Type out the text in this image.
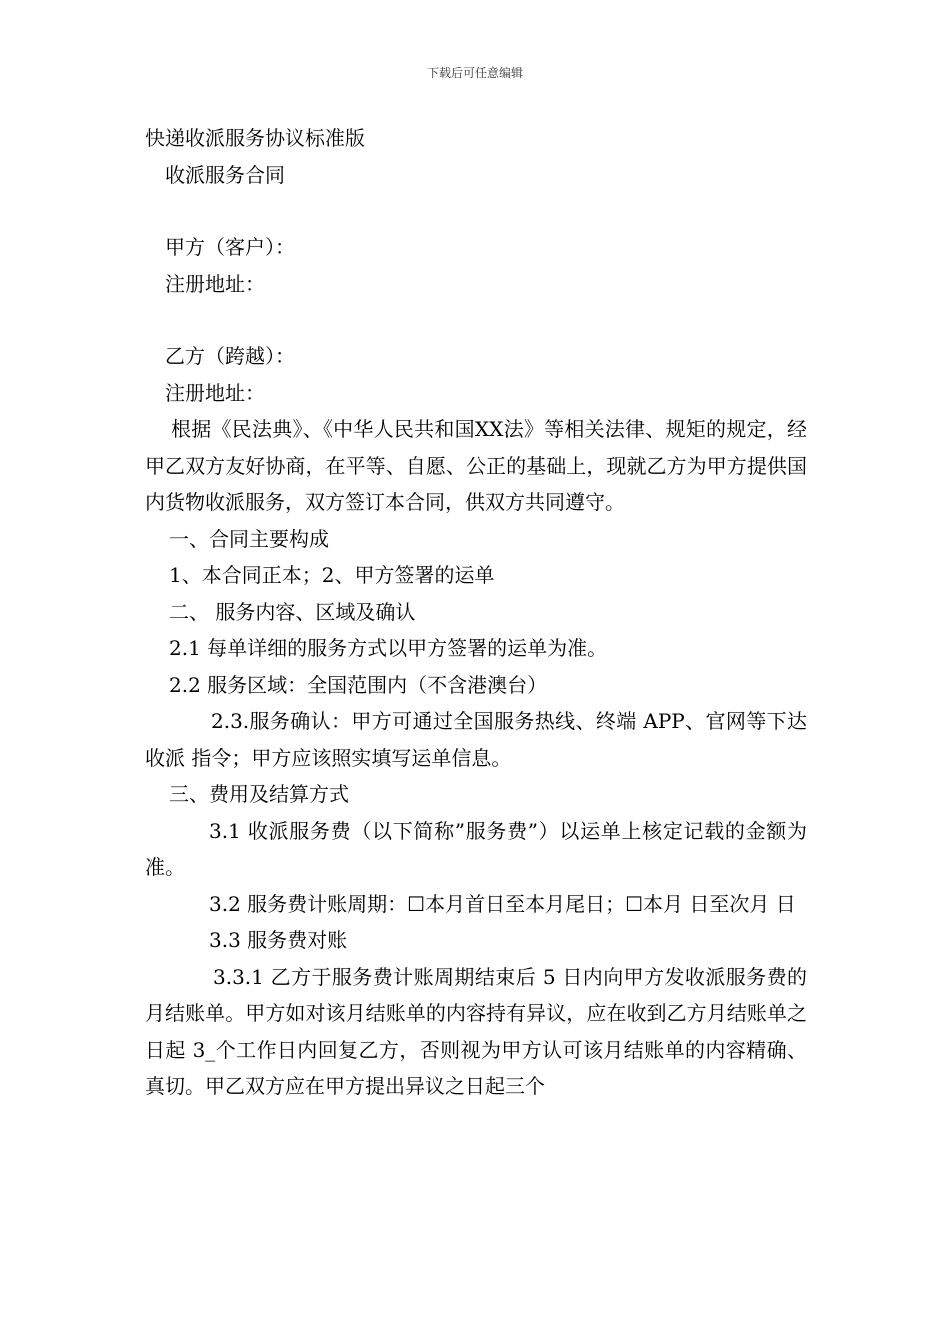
下载后可任意编辑

快递收派服务协议标准版

收派服务合同

甲方（客户）：

注册地址：

乙方（跨越）：

注册地址：

根据《民法典》、《中华人民共和国XX法》等相关法律、规矩的规定，经甲乙双方友好协商，在平等、自愿、公正的基础上，现就乙方为甲方提供国内货物收派服务，双方签订本合同，供双方共同遵守。

一、合同主要构成

1、本合同正本；2、甲方签署的运单

二、 服务内容、区域及确认

2.1 每单详细的服务方式以甲方签署的运单为准。

2.2 服务区域：全国范围内（不含港澳台）

2.3.服务确认：甲方可通过全国服务热线、终端 APP、官网等下达收派 指令；甲方应该照实填写运单信息。

三、费用及结算方式

3.1 收派服务费（以下简称”服务费”）以运单上核定记载的金额为准。

3.2 服务费计账周期：☐本月首日至本月尾日；☐本月 日至次月 日

3.3 服务费对账

3.3.1 乙方于服务费计账周期结束后 5 日内向甲方发收派服务费的月结账单。甲方如对该月结账单的内容持有异议，应在收到乙方月结账单之日起 3_个工作日内回复乙方，否则视为甲方认可该月结账单的内容精确、真切。甲乙双方应在甲方提出异议之日起三个
